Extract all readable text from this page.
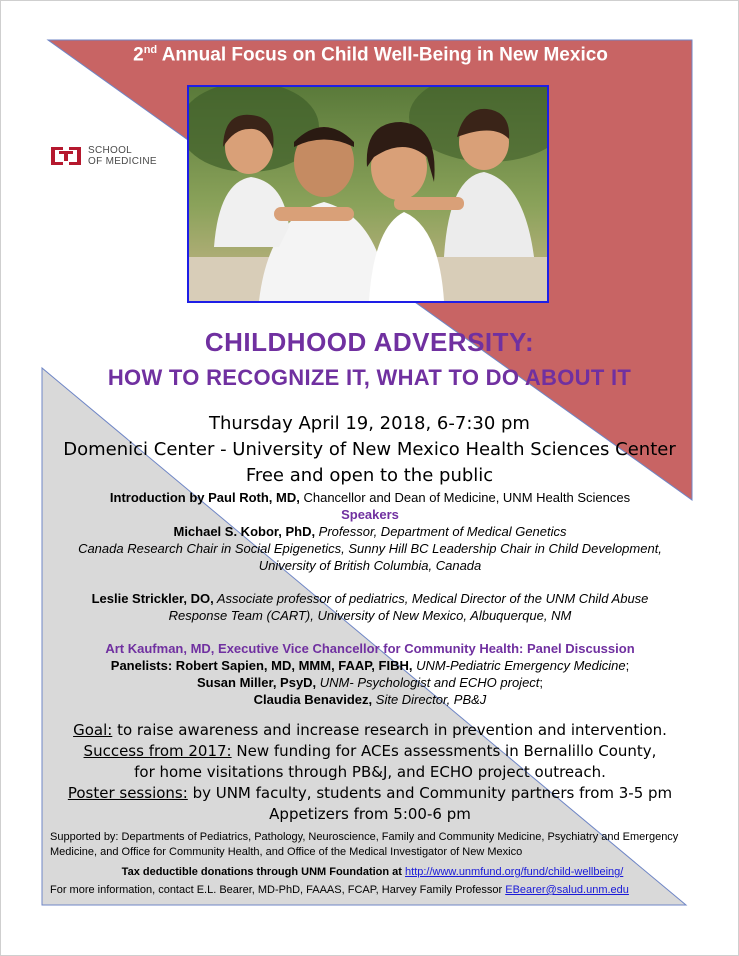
2nd Annual Focus on Child Well-Being in New Mexico
SCHOOL
OF MEDICINE
CHILDHOOD ADVERSITY:
HOW TO RECOGNIZE IT, WHAT TO DO ABOUT IT
Thursday April 19, 2018, 6-7:30 pm
Domenici Center - University of New Mexico Health Sciences Center
Free and open to the public

Introduction by Paul Roth, MD, Chancellor and Dean of Medicine, UNM Health Sciences

Speakers

Michael S. Kobor, PhD, Professor, Department of Medical Genetics

Canada Research Chair in Social Epigenetics, Sunny Hill BC Leadership Chair in Child Development,

University of British Columbia, Canada

Leslie Strickler, DO, Associate professor of pediatrics, Medical Director of the UNM Child Abuse

Response Team (CART), University of New Mexico, Albuquerque, NM

Art Kaufman, MD, Executive Vice Chancellor for Community Health: Panel Discussion

Panelists: Robert Sapien, MD, MMM, FAAP, FIBH, UNM-Pediatric Emergency Medicine;

Susan Miller, PsyD, UNM- Psychologist and ECHO project;

Claudia Benavidez, Site Director, PB&J

Goal: to raise awareness and increase research in prevention and intervention.
Success from 2017: New funding for ACEs assessments in Bernalillo County,
for home visitations through PB&J, and ECHO project outreach.
Poster sessions: by UNM faculty, students and Community partners from 3-5 pm
Appetizers from 5:00-6 pm
Supported by: Departments of Pediatrics, Pathology, Neuroscience, Family and Community Medicine, Psychiatry and Emergency Medicine, and Office for Community Health, and Office of the Medical Investigator of New Mexico
Tax deductible donations through UNM Foundation at http://www.unmfund.org/fund/child-wellbeing/
For more information, contact E.L. Bearer, MD-PhD, FAAAS, FCAP, Harvey Family Professor EBearer@salud.unm.edu
